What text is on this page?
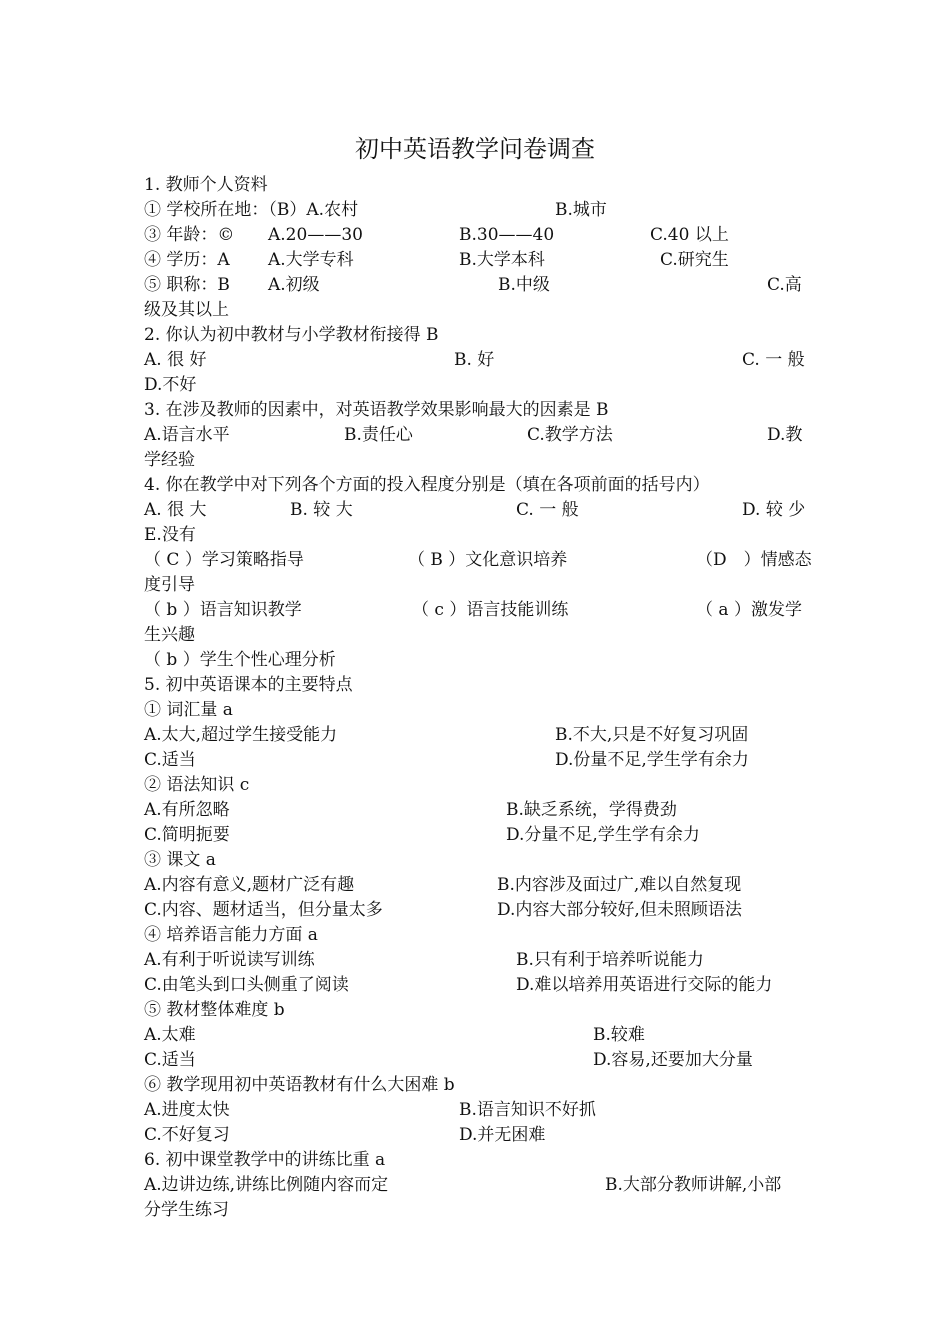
初中英语教学问卷调查
1. 教师个人资料
① 学校所在地：（B）A.农村	B.城市
③ 年龄：© A.20——30	B.30——40	C.40 以上
④ 学历：A A.大学专科	B.大学本科	C.研究生
⑤ 职称：B A.初级	B.中级	C.高
级及其以上
2. 你认为初中教材与小学教材衔接得 B
A. 很 好	B. 好	C. 一 般
D.不好
3. 在涉及教师的因素中，对英语教学效果影响最大的因素是 B
A.语言水平	B.责任心	C.教学方法	D.教
学经验
4. 你在教学中对下列各个方面的投入程度分别是（填在各项前面的括号内）
A. 很 大	B. 较 大	C. 一 般	D. 较 少
E.没有
（ C ）学习策略指导	（ B ）文化意识培养	（D　）情感态
度引导
（ b ）语言知识教学	（ c ）语言技能训练	（ a ）激发学
生兴趣
（ b ）学生个性心理分析
5. 初中英语课本的主要特点
① 词汇量 a
A.太大,超过学生接受能力	B.不大,只是不好复习巩固
C.适当	D.份量不足,学生学有余力
② 语法知识 c
A.有所忽略	B.缺乏系统，学得费劲
C.简明扼要	D.分量不足,学生学有余力
③ 课文 a
A.内容有意义,题材广泛有趣	B.内容涉及面过广,难以自然复现
C.内容、题材适当，但分量太多	D.内容大部分较好,但未照顾语法
④ 培养语言能力方面 a
A.有利于听说读写训练	B.只有利于培养听说能力
C.由笔头到口头侧重了阅读	D.难以培养用英语进行交际的能力
⑤ 教材整体难度 b
A.太难	B.较难
C.适当	D.容易,还要加大分量
⑥ 教学现用初中英语教材有什么大困难 b
A.进度太快	B.语言知识不好抓
C.不好复习	D.并无困难
6. 初中课堂教学中的讲练比重 a
A.边讲边练,讲练比例随内容而定	B.大部分教师讲解,小部
分学生练习
